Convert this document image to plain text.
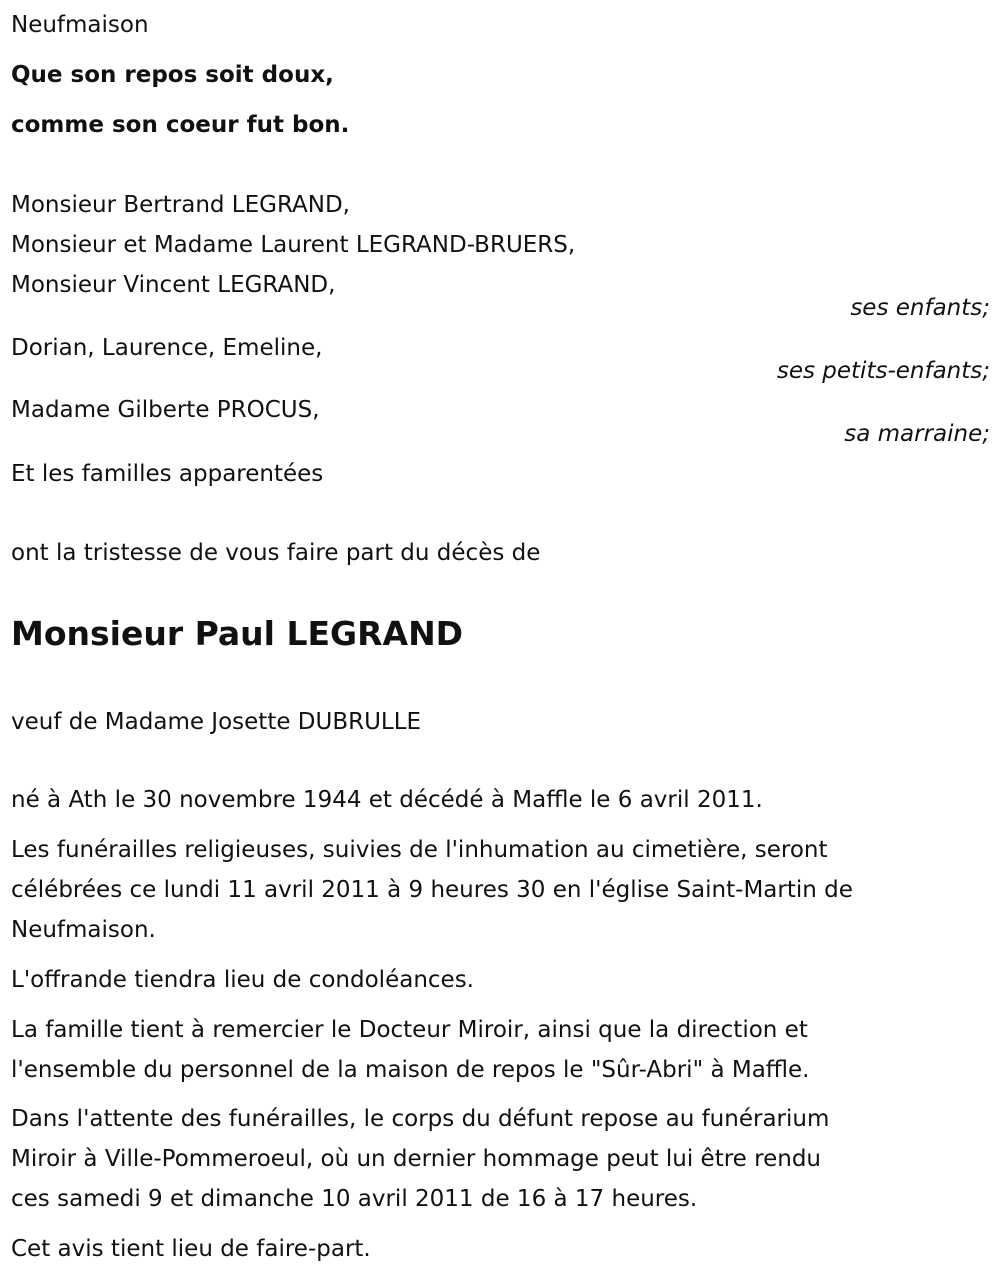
Neufmaison
Que son repos soit doux,
comme son coeur fut bon.
Monsieur Bertrand LEGRAND,
Monsieur et Madame Laurent LEGRAND-BRUERS,
Monsieur Vincent LEGRAND,
ses enfants;
Dorian, Laurence, Emeline,
ses petits-enfants;
Madame Gilberte PROCUS,
sa marraine;
Et les familles apparentées
ont la tristesse de vous faire part du décès de
Monsieur Paul LEGRAND
veuf de Madame Josette DUBRULLE
né à Ath le 30 novembre 1944 et décédé à Maffle le 6 avril 2011.
Les funérailles religieuses, suivies de l'inhumation au cimetière, seront
célébrées ce lundi 11 avril 2011 à 9 heures 30 en l'église Saint-Martin de
Neufmaison.
L'offrande tiendra lieu de condoléances.
La famille tient à remercier le Docteur Miroir, ainsi que la direction et
l'ensemble du personnel de la maison de repos le "Sûr-Abri" à Maffle.
Dans l'attente des funérailles, le corps du défunt repose au funérarium
Miroir à Ville-Pommeroeul, où un dernier hommage peut lui être rendu
ces samedi 9 et dimanche 10 avril 2011 de 16 à 17 heures.
Cet avis tient lieu de faire-part.
